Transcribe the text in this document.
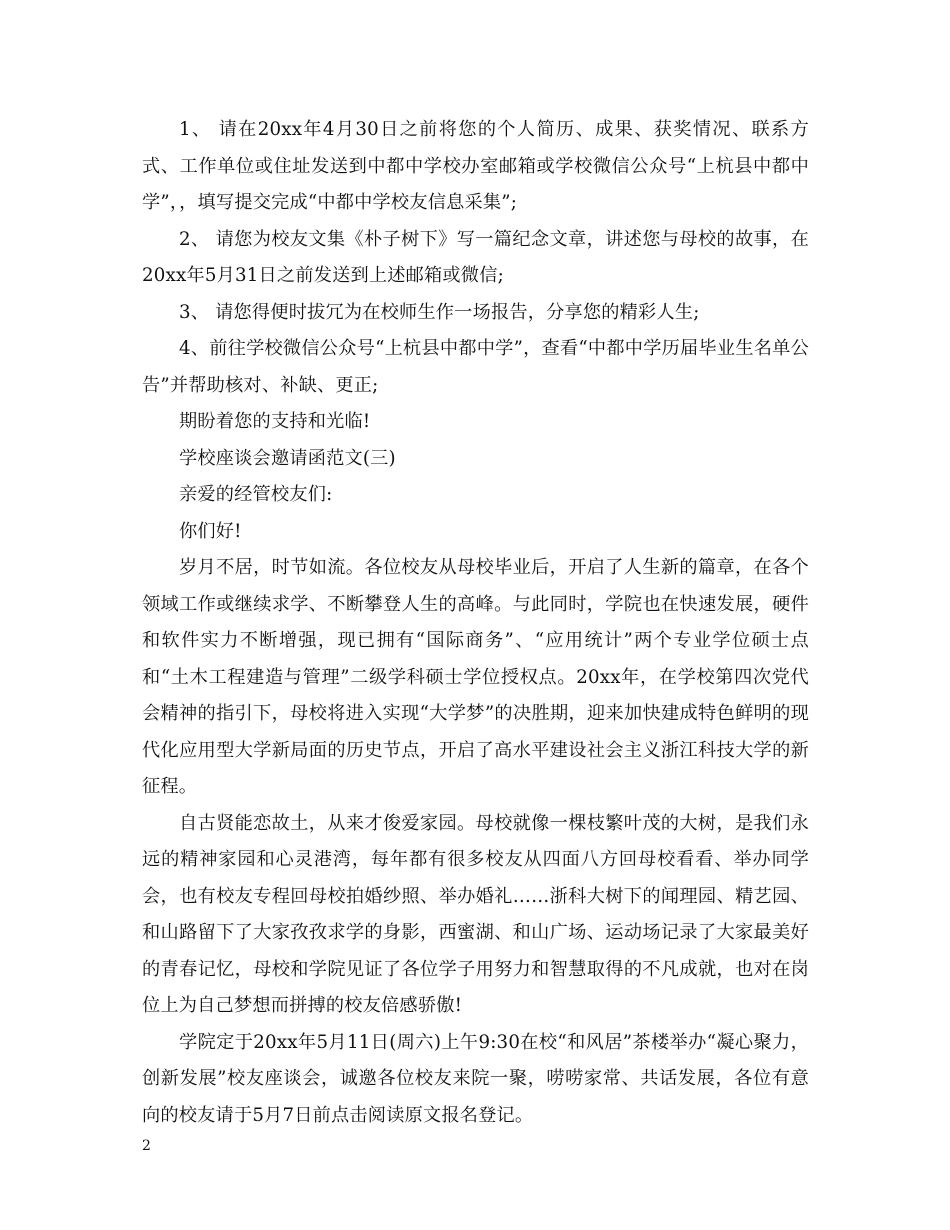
1、 请在20xx年4月30日之前将您的个人简历、成果、获奖情况、联系方式、工作单位或住址发送到中都中学校办室邮箱或学校微信公众号“上杭县中都中学”，，填写提交完成“中都中学校友信息采集”;

2、 请您为校友文集《朴子树下》写一篇纪念文章，讲述您与母校的故事，在20xx年5月31日之前发送到上述邮箱或微信;

3、 请您得便时拔冗为在校师生作一场报告，分享您的精彩人生;

4、前往学校微信公众号“上杭县中都中学”，查看“中都中学历届毕业生名单公告”并帮助核对、补缺、更正;

期盼着您的支持和光临!

学校座谈会邀请函范文(三)

亲爱的经管校友们:

你们好!

岁月不居，时节如流。各位校友从母校毕业后，开启了人生新的篇章，在各个领域工作或继续求学、不断攀登人生的高峰。与此同时，学院也在快速发展，硬件和软件实力不断增强，现已拥有“国际商务”、“应用统计”两个专业学位硕士点和“土木工程建造与管理”二级学科硕士学位授权点。20xx年，在学校第四次党代会精神的指引下，母校将进入实现“大学梦”的决胜期，迎来加快建成特色鲜明的现代化应用型大学新局面的历史节点，开启了高水平建设社会主义浙江科技大学的新征程。

自古贤能恋故土，从来才俊爱家园。母校就像一棵枝繁叶茂的大树，是我们永远的精神家园和心灵港湾，每年都有很多校友从四面八方回母校看看、举办同学会，也有校友专程回母校拍婚纱照、举办婚礼……浙科大树下的闻理园、精艺园、和山路留下了大家孜孜求学的身影，西蜜湖、和山广场、运动场记录了大家最美好的青春记忆，母校和学院见证了各位学子用努力和智慧取得的不凡成就，也对在岗位上为自己梦想而拼搏的校友倍感骄傲!

学院定于20xx年5月11日(周六)上午9:30在校“和风居”茶楼举办“凝心聚力，创新发展”校友座谈会，诚邀各位校友来院一聚，唠唠家常、共话发展，各位有意向的校友请于5月7日前点击阅读原文报名登记。

2
